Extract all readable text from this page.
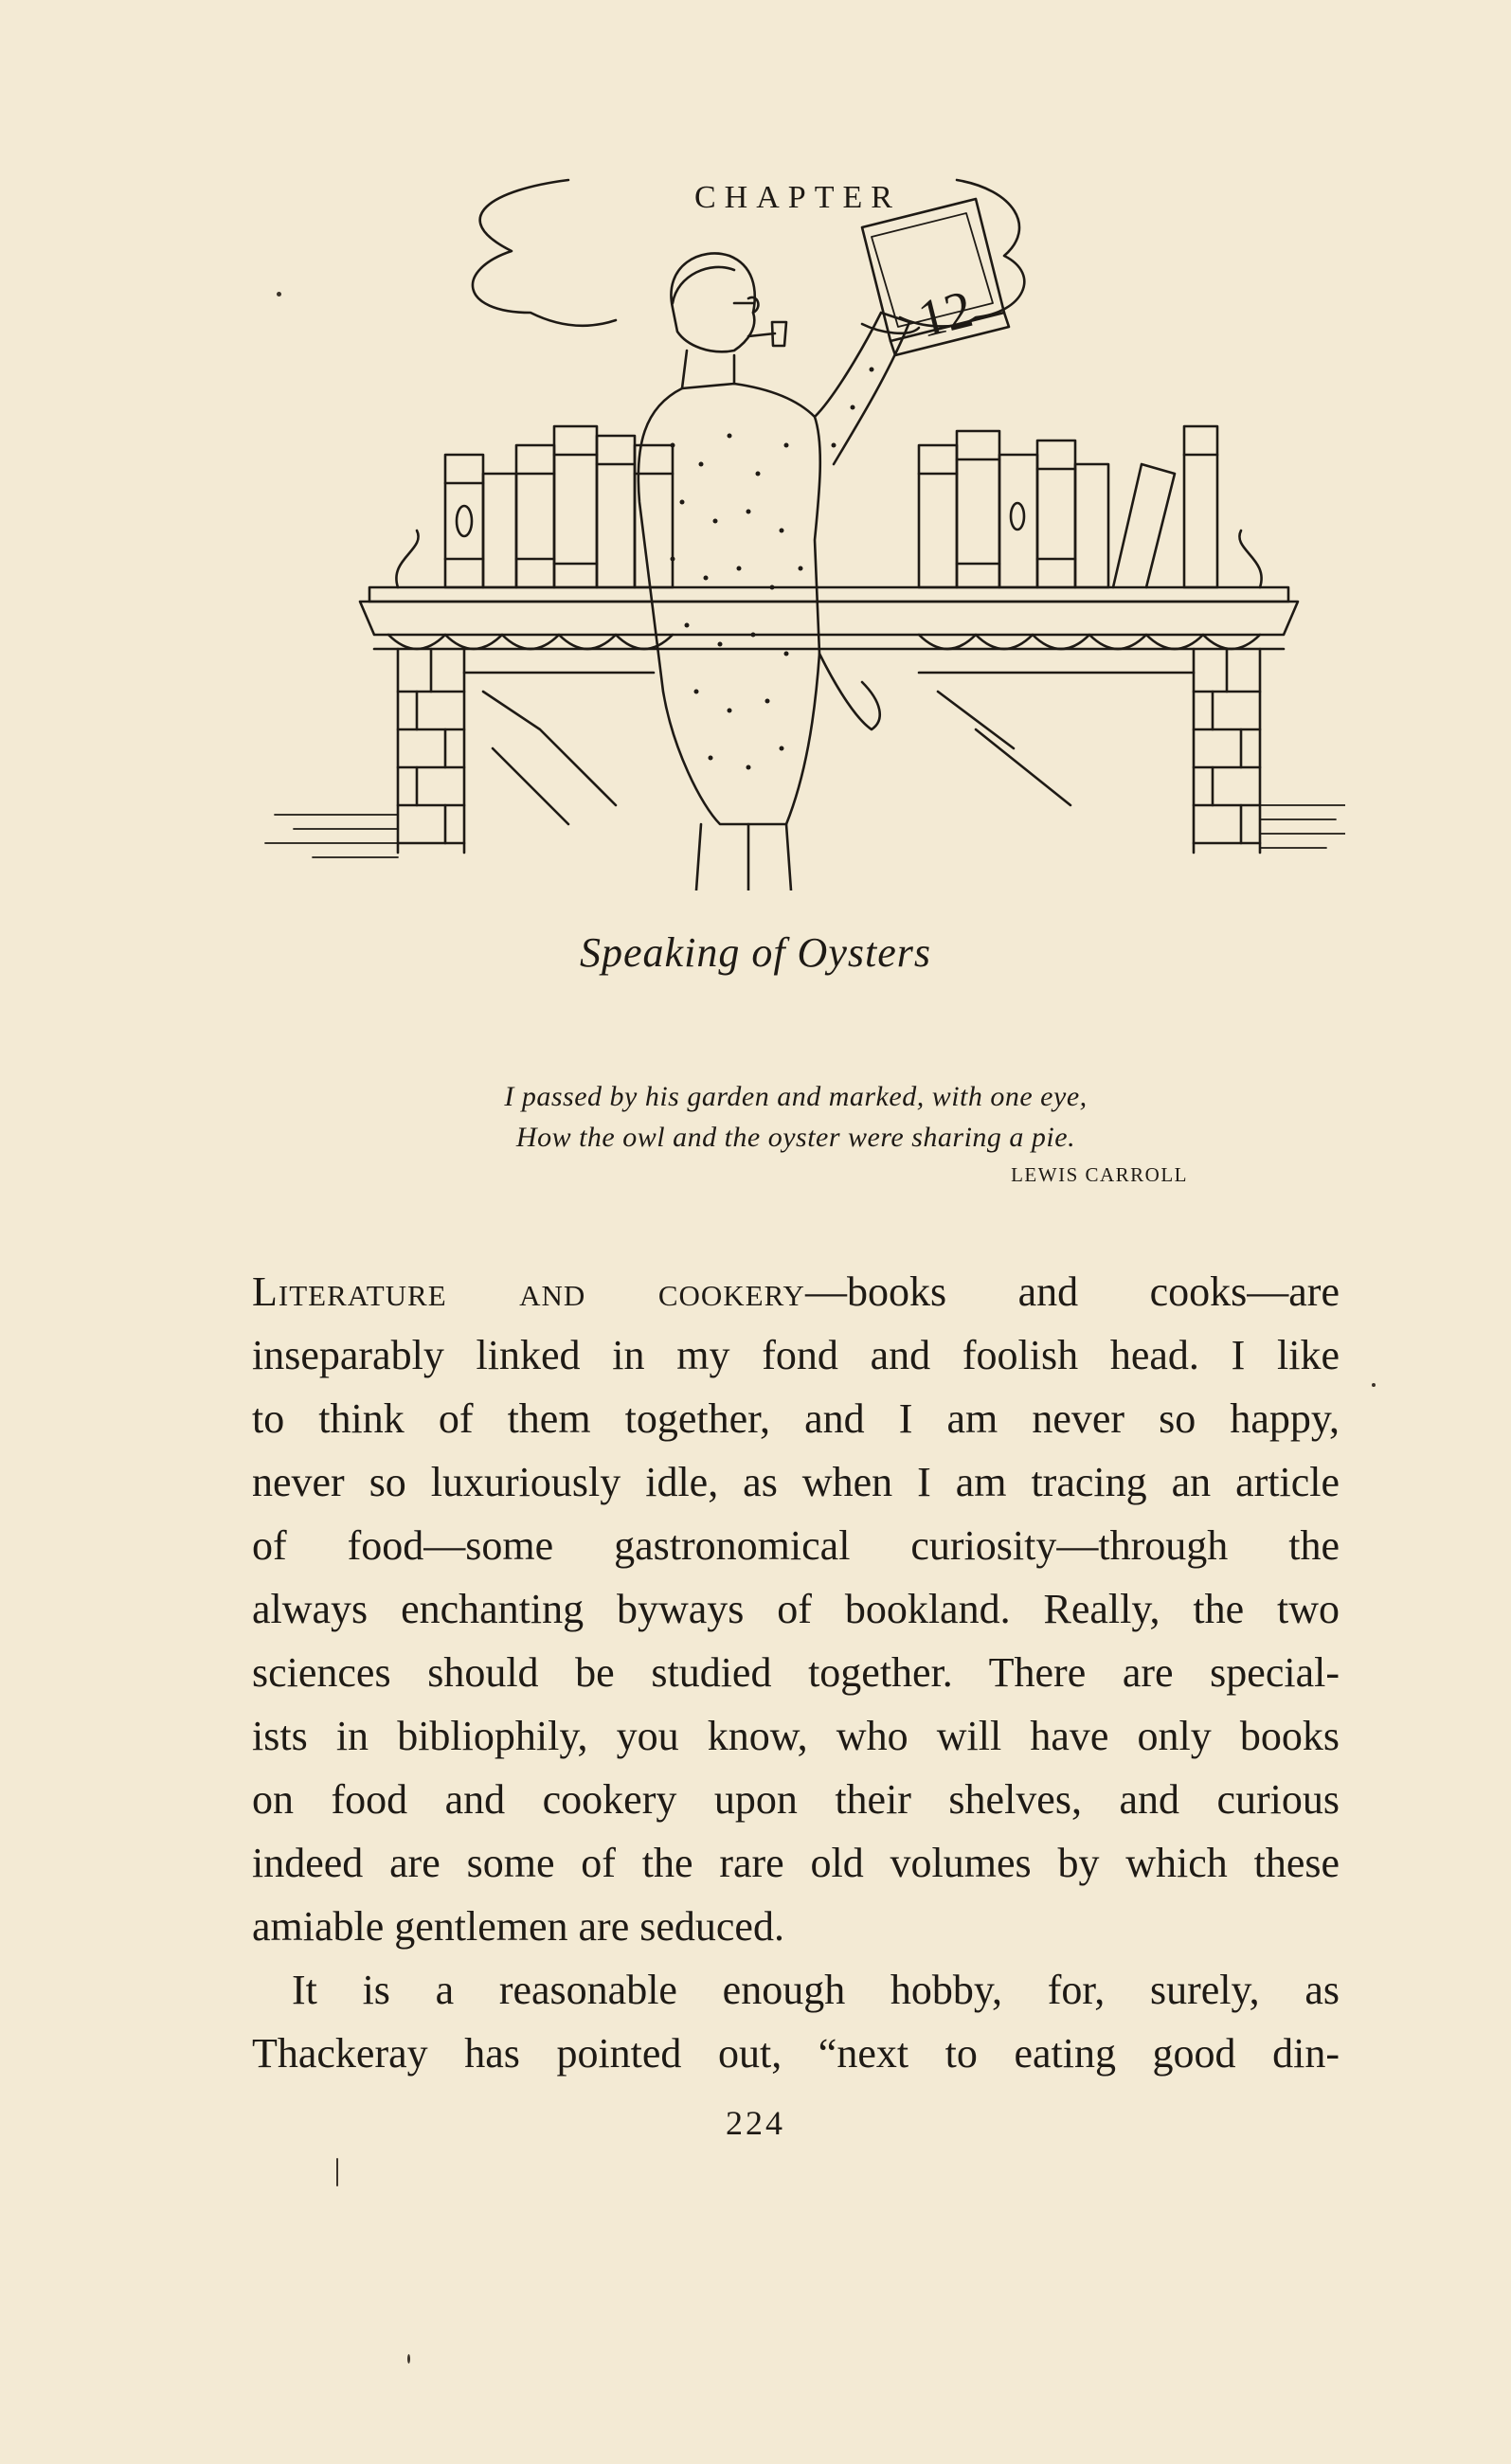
12
CHAPTER
Speaking of Oysters
I passed by his garden and marked, with one eye,
How the owl and the oyster were sharing a pie.
LEWIS CARROLL
Literature and cookery—books and cooks—are
inseparably linked in my fond and foolish head. I like
to think of them together, and I am never so happy,
never so luxuriously idle, as when I am tracing an article
of food—some gastronomical curiosity—through the
always enchanting byways of bookland. Really, the two
sciences should be studied together. There are special-
ists in bibliophily, you know, who will have only books
on food and cookery upon their shelves, and curious
indeed are some of the rare old volumes by which these
amiable gentlemen are seduced.
It is a reasonable enough hobby, for, surely, as
Thackeray has pointed out, “next to eating good din-
224
